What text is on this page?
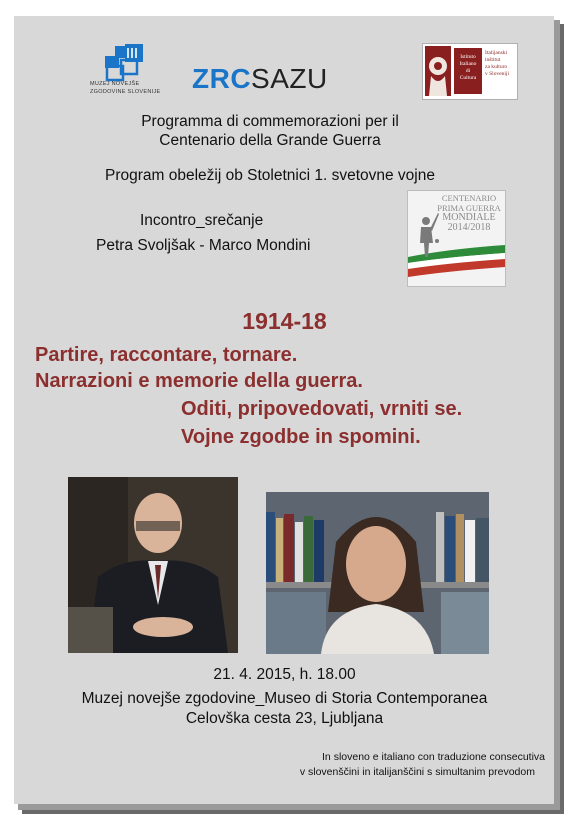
MUZEJ NOVEJŠE
ZGODOVINE SLOVENIJE	ZRCSAZU
Istituto
Italiano
di
Cultura
Italijanski
inštitut
za kulturo
v Sloveniji
Programma di commemorazioni per il
Centenario della Grande Guerra
Program obeležij ob Stoletnici 1. svetovne vojne
Incontro_srečanje
Petra Svoljšak - Marco Mondini
CENTENARIO
PRIMA GUERRA
MONDIALE
2014/2018
1914-18
Partire, raccontare, tornare.
Narrazioni e memorie della guerra.
Oditi, pripovedovati, vrniti se.
Vojne zgodbe in spomini.
21. 4. 2015, h. 18.00
Muzej novejše zgodovine_Museo di Storia Contemporanea
Celovška cesta 23, Ljubljana
In sloveno e italiano con traduzione consecutiva
v slovenščini in italijanščini s simultanim prevodom
